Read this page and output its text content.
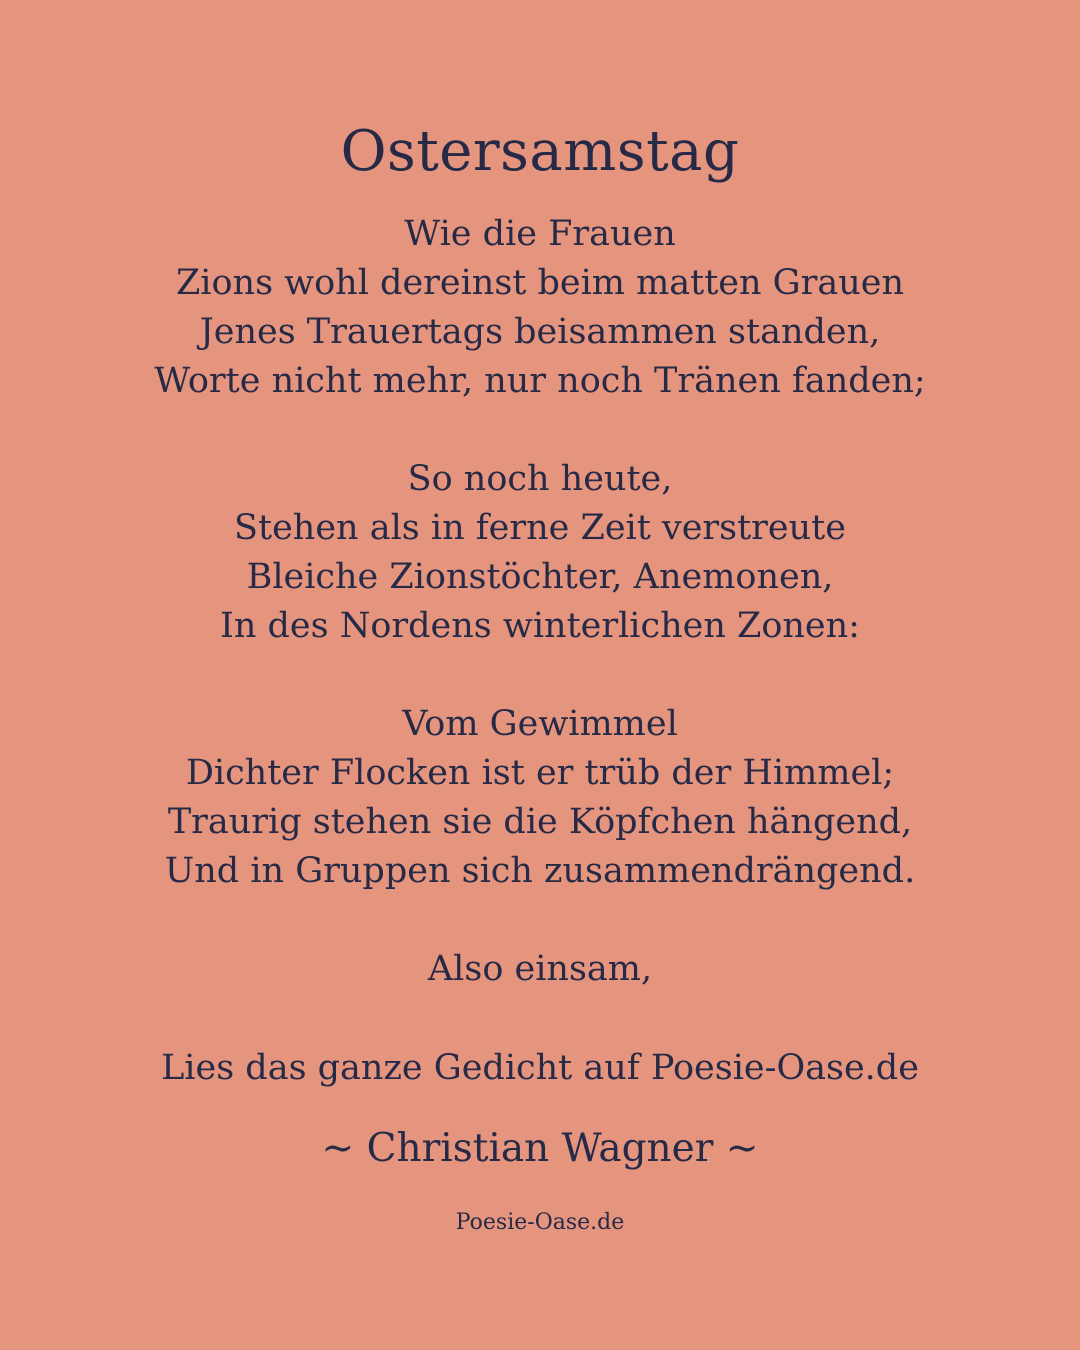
Ostersamstag
Wie die Frauen
Zions wohl dereinst beim matten Grauen
Jenes Trauertags beisammen standen,
Worte nicht mehr, nur noch Tränen fanden;
So noch heute,
Stehen als in ferne Zeit verstreute
Bleiche Zionstöchter, Anemonen,
In des Nordens winterlichen Zonen:
Vom Gewimmel
Dichter Flocken ist er trüb der Himmel;
Traurig stehen sie die Köpfchen hängend,
Und in Gruppen sich zusammendrängend.
Also einsam,
Lies das ganze Gedicht auf Poesie-Oase.de
~ Christian Wagner ~
Poesie-Oase.de
